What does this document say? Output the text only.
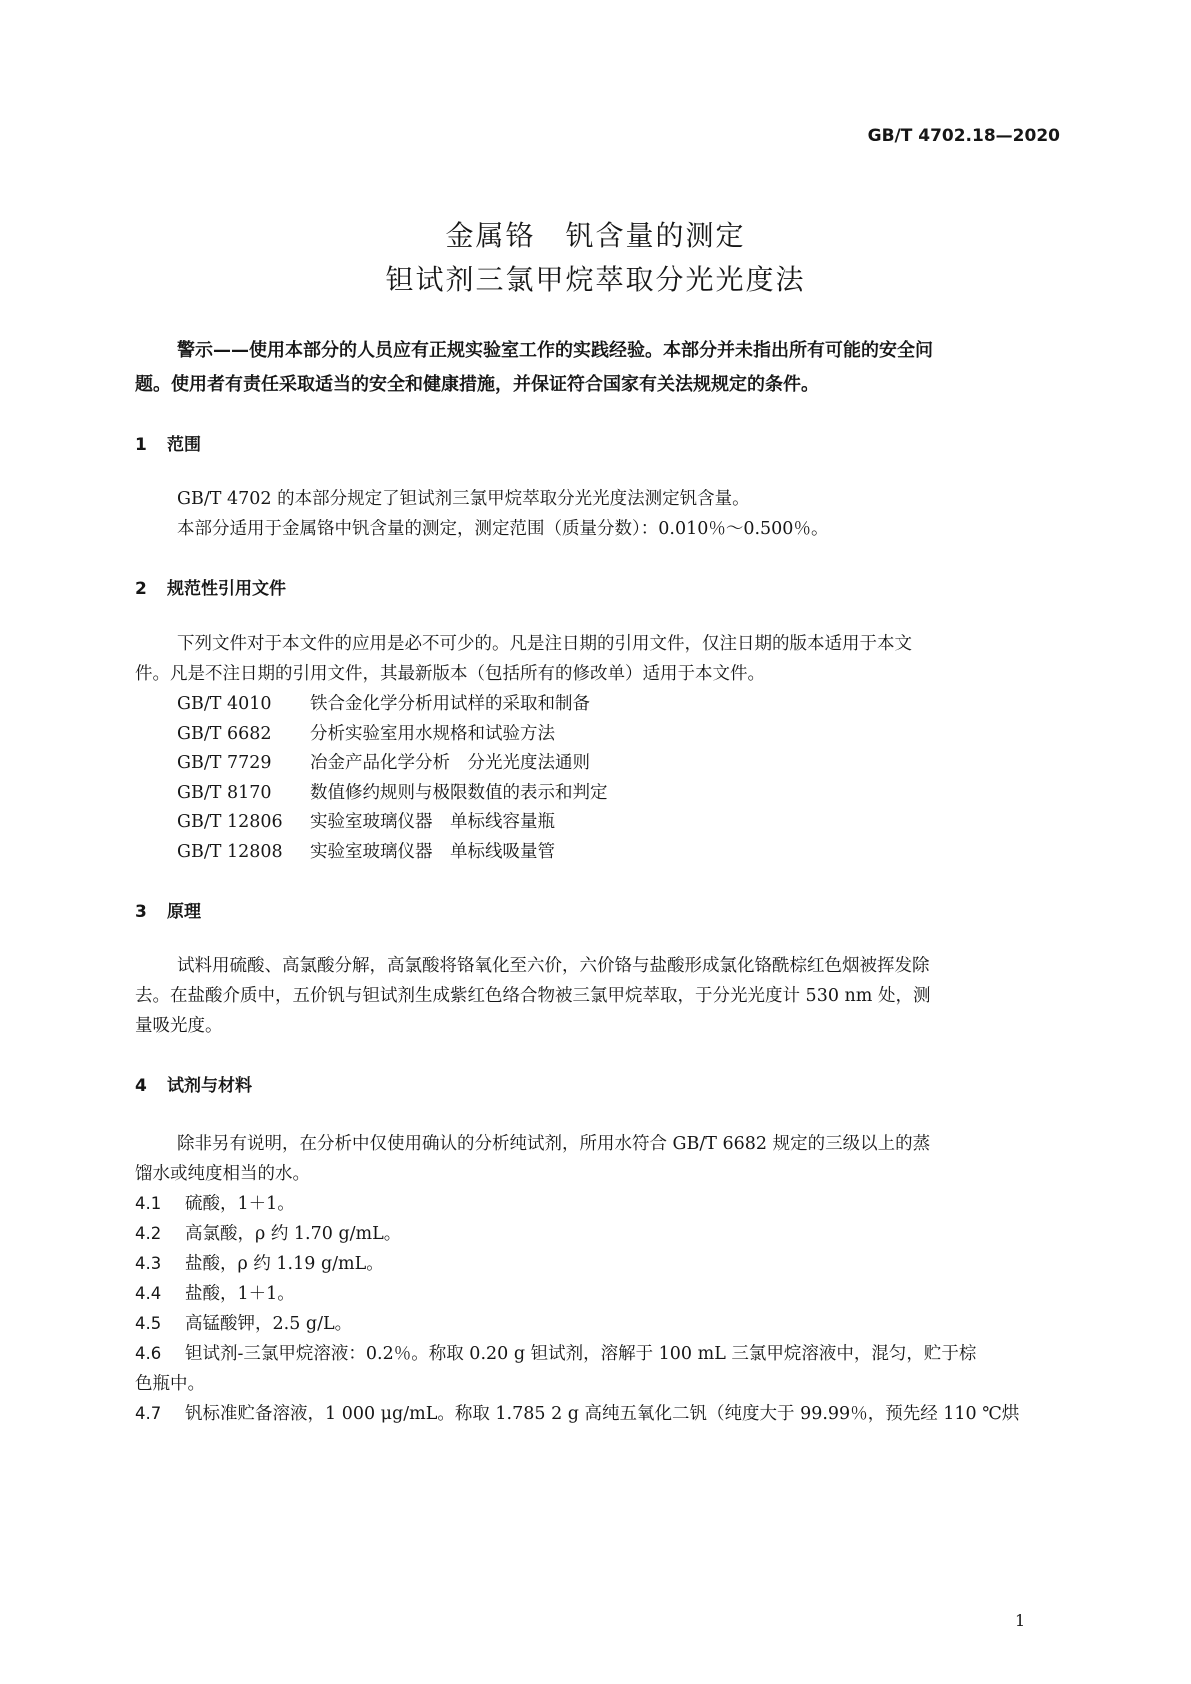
GB/T 4702.18—2020
金属铬　钒含量的测定
钽试剂三氯甲烷萃取分光光度法
警示——使用本部分的人员应有正规实验室工作的实践经验。本部分并未指出所有可能的安全问
题。使用者有责任采取适当的安全和健康措施，并保证符合国家有关法规规定的条件。
1 范围
GB/T 4702 的本部分规定了钽试剂三氯甲烷萃取分光光度法测定钒含量。
本部分适用于金属铬中钒含量的测定，测定范围（质量分数）：0.010％～0.500％。
2 规范性引用文件
下列文件对于本文件的应用是必不可少的。凡是注日期的引用文件，仅注日期的版本适用于本文
件。凡是不注日期的引用文件，其最新版本（包括所有的修改单）适用于本文件。
GB/T 4010 铁合金化学分析用试样的采取和制备
GB/T 6682 分析实验室用水规格和试验方法
GB/T 7729 冶金产品化学分析　分光光度法通则
GB/T 8170 数值修约规则与极限数值的表示和判定
GB/T 12806 实验室玻璃仪器　单标线容量瓶
GB/T 12808 实验室玻璃仪器　单标线吸量管
3 原理
试料用硫酸、高氯酸分解，高氯酸将铬氧化至六价，六价铬与盐酸形成氯化铬酰棕红色烟被挥发除
去。在盐酸介质中，五价钒与钽试剂生成紫红色络合物被三氯甲烷萃取，于分光光度计 530 nm 处，测
量吸光度。
4 试剂与材料
除非另有说明，在分析中仅使用确认的分析纯试剂，所用水符合 GB/T 6682 规定的三级以上的蒸
馏水或纯度相当的水。
4.1 硫酸，1＋1。
4.2 高氯酸，ρ 约 1.70 g/mL。
4.3 盐酸，ρ 约 1.19 g/mL。
4.4 盐酸，1＋1。
4.5 高锰酸钾，2.5 g/L。
4.6 钽试剂-三氯甲烷溶液：0.2％。称取 0.20 g 钽试剂，溶解于 100 mL 三氯甲烷溶液中，混匀，贮于棕
色瓶中。
4.7 钒标准贮备溶液，1 000 μg/mL。称取 1.785 2 g 高纯五氧化二钒（纯度大于 99.99％，预先经 110 ℃烘
1
